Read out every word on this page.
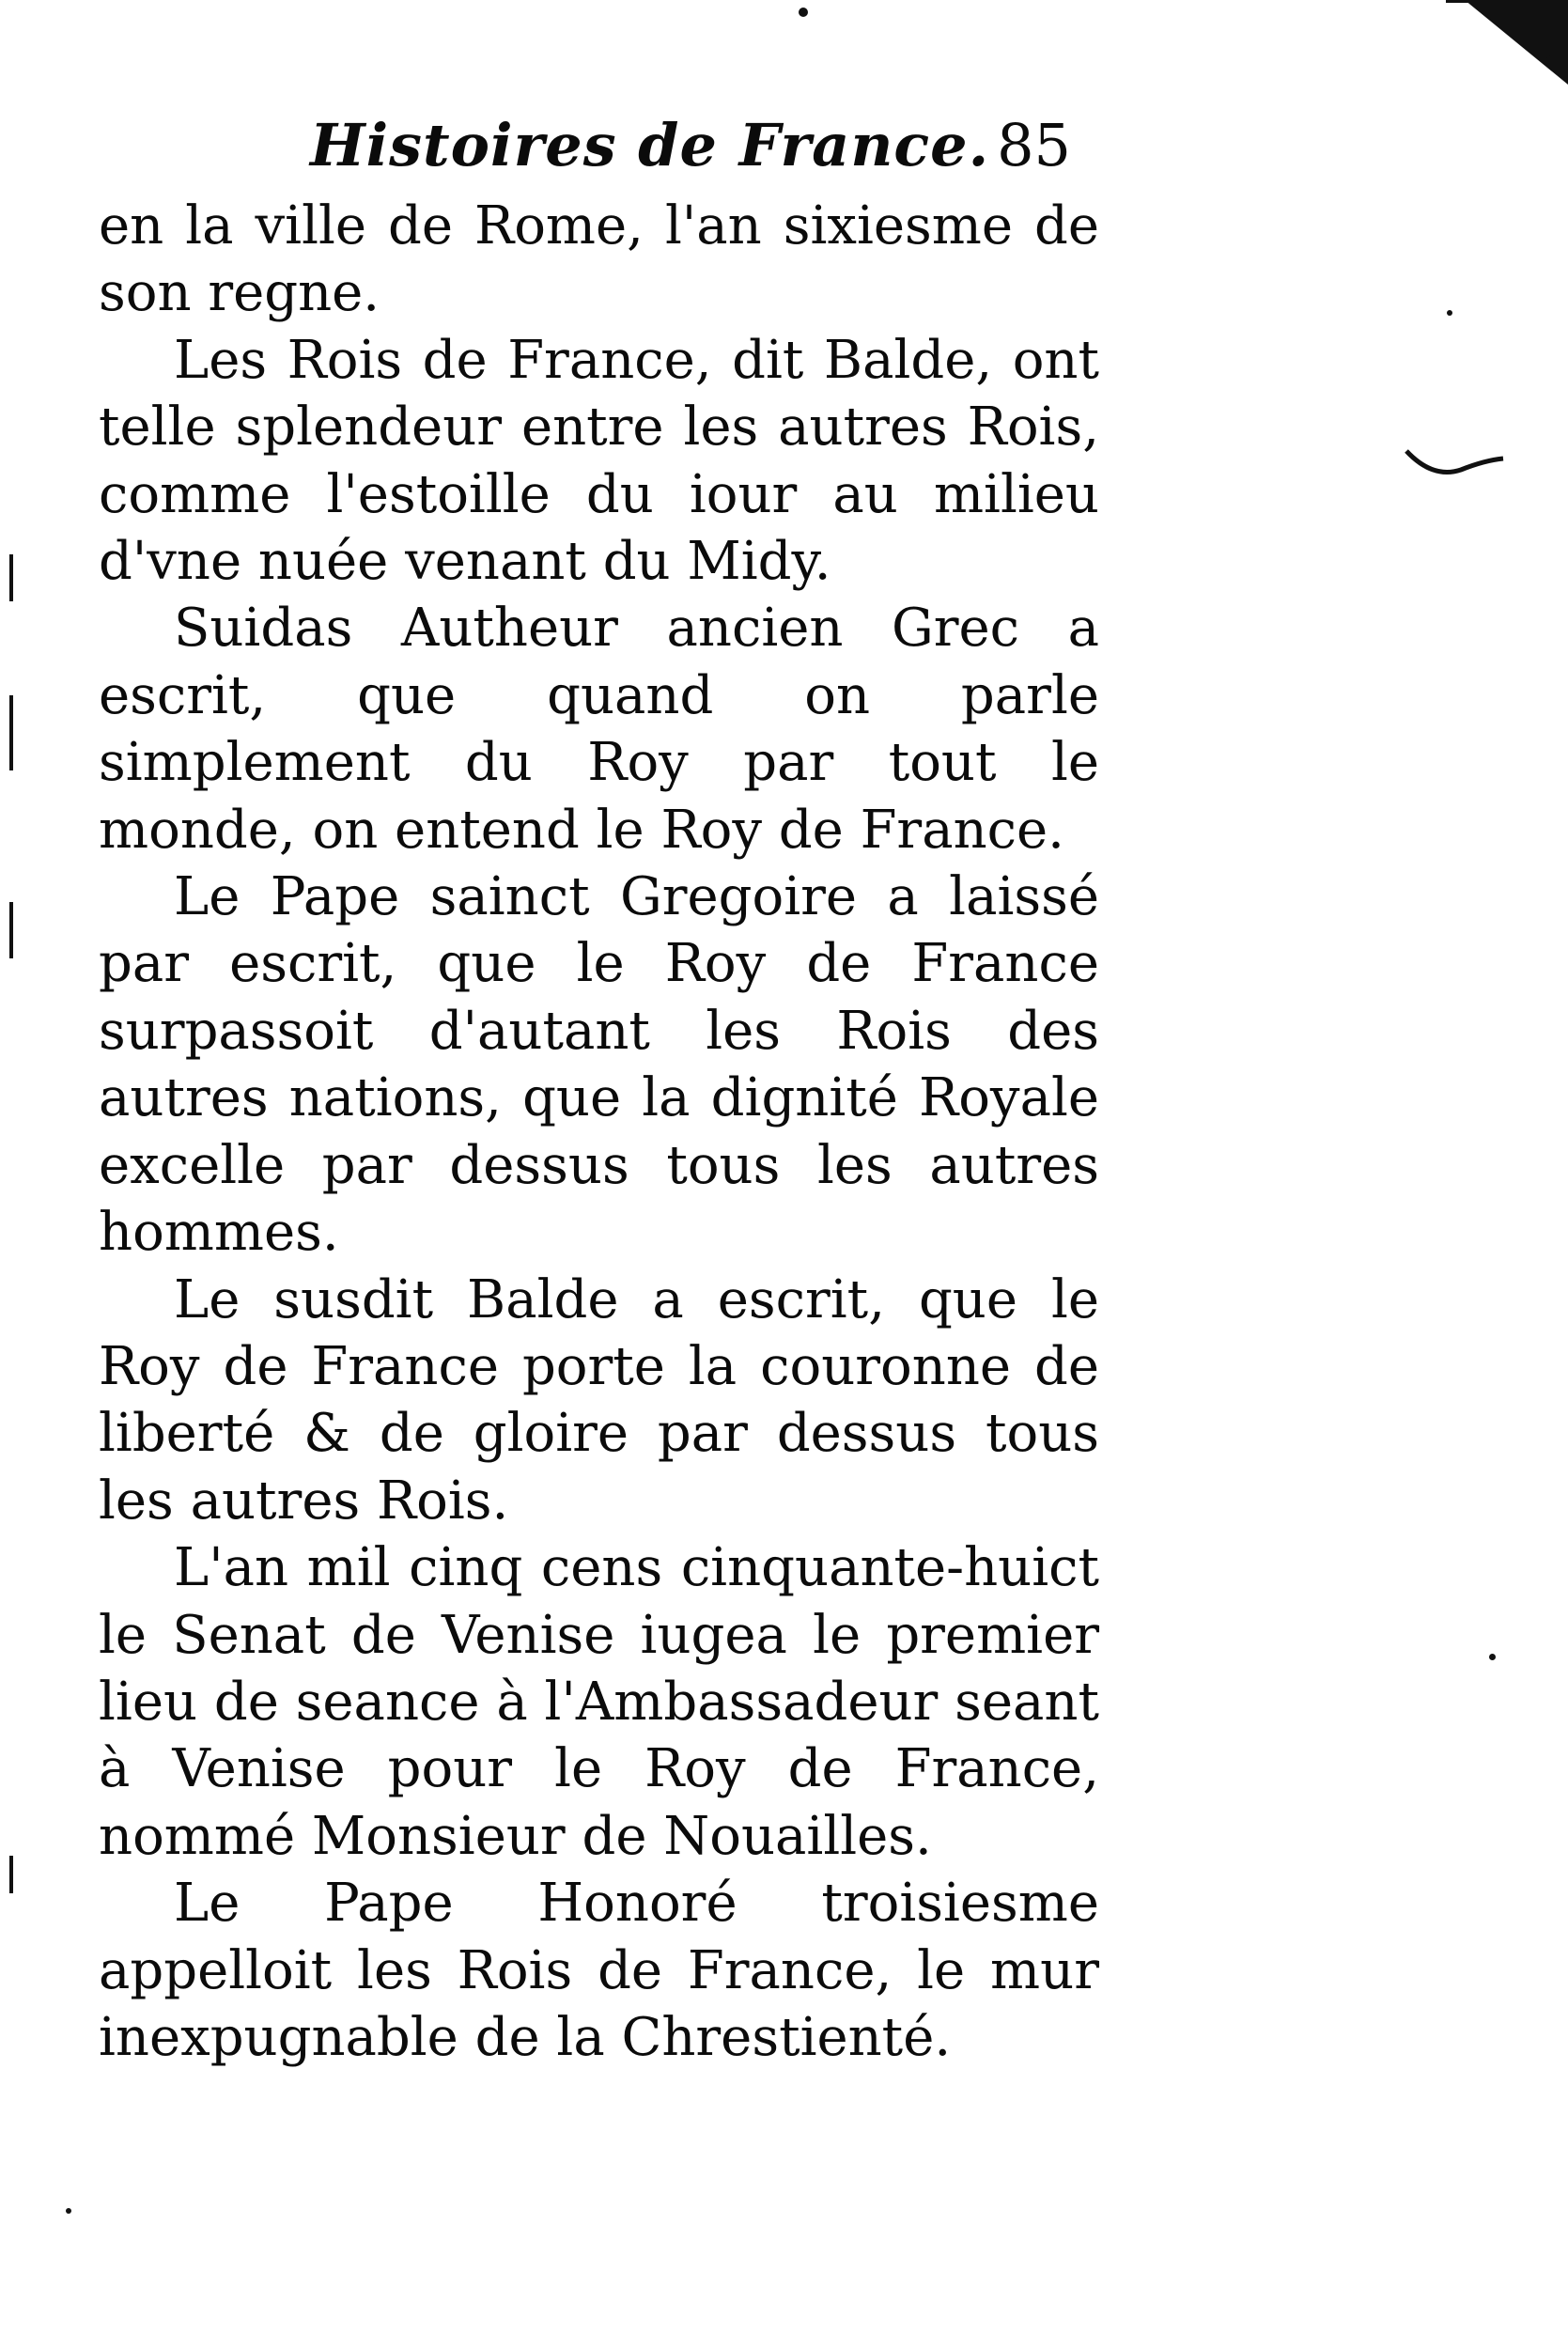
Histoires de France. 85

en la ville de Rome, l'an sixiesme de son regne.

Les Rois de France, dit Balde, ont telle splendeur entre les autres Rois, comme l'estoille du iour au milieu d'vne nuée venant du Midy.

Suidas Autheur ancien Grec a escrit, que quand on parle simplement du Roy par tout le monde, on entend le Roy de France.

Le Pape sainct Gregoire a laissé par escrit, que le Roy de France surpassoit d'autant les Rois des autres nations, que la dignité Royale excelle par dessus tous les autres hommes.

Le susdit Balde a escrit, que le Roy de France porte la couronne de liberté & de gloire par dessus tous les autres Rois.

L'an mil cinq cens cinquante-huict le Senat de Venise iugea le premier lieu de seance à l'Ambassadeur seant à Venise pour le Roy de France, nommé Monsieur de Nouailles.

Le Pape Honoré troisiesme appelloit les Rois de France, le mur inexpugnable de la Chrestienté.
